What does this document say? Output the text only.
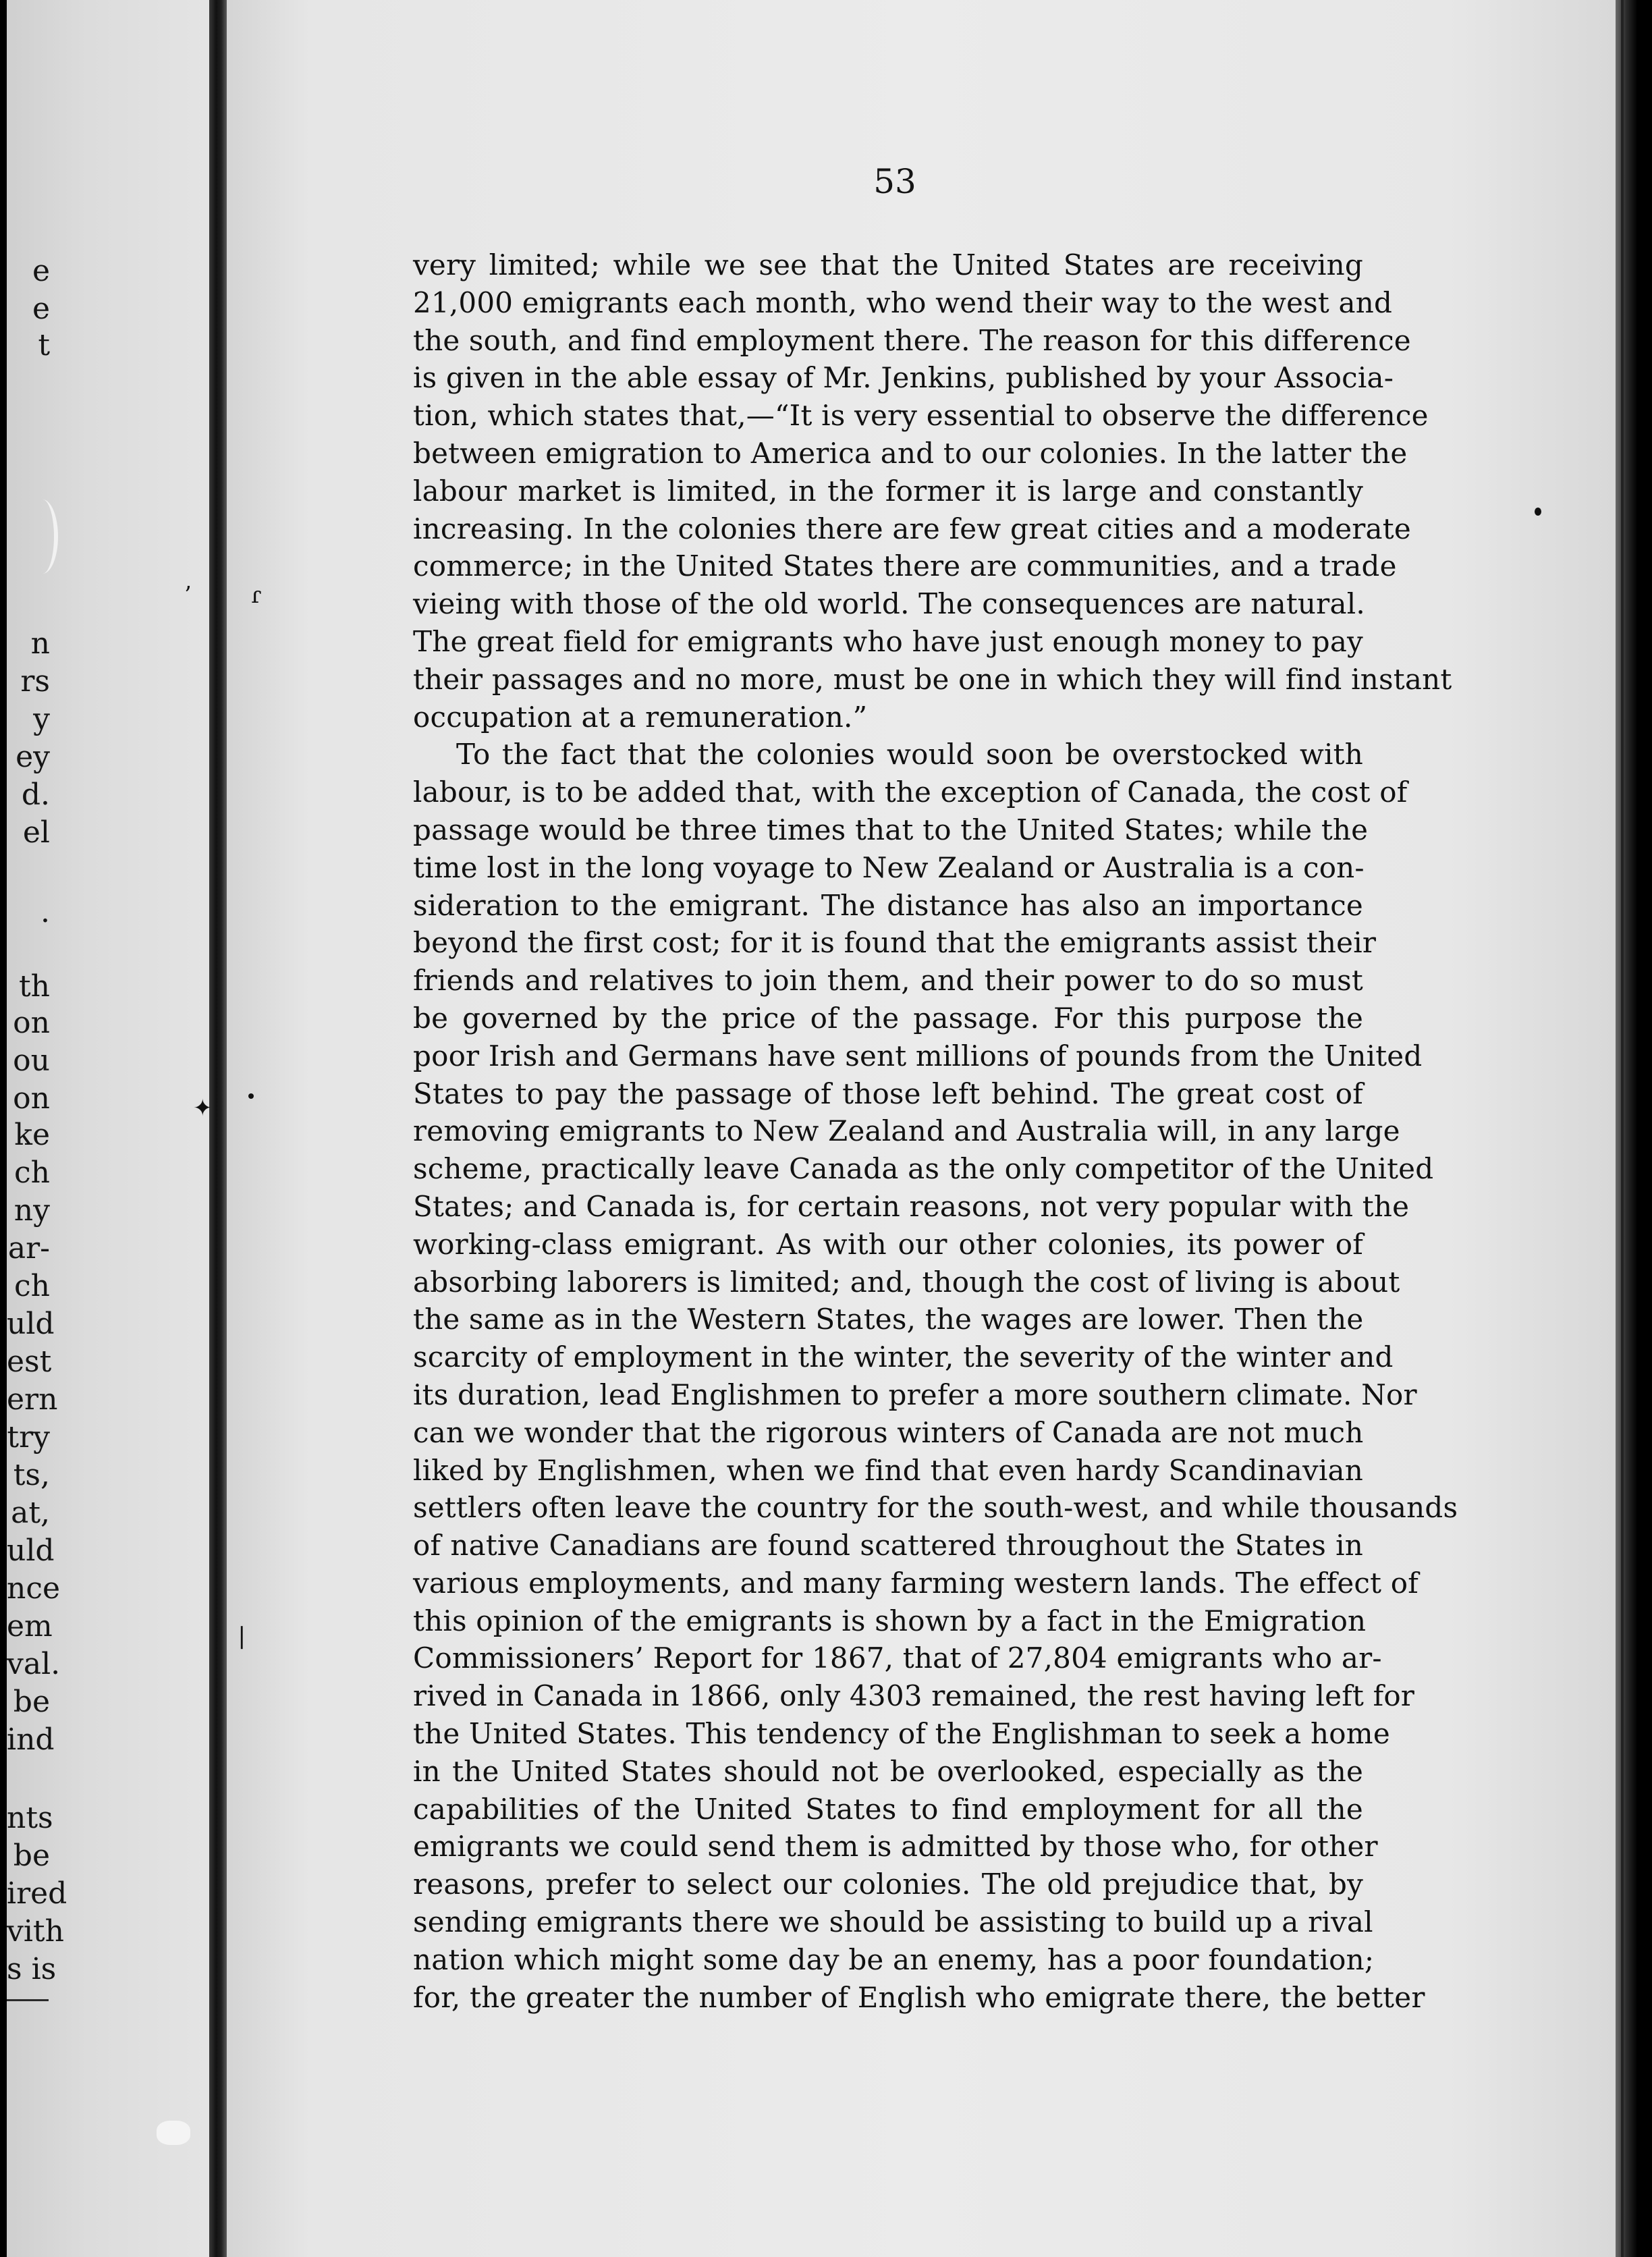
e
e
t
n
rs
y
ey
d.
el
.
th
on
ou
on
ke
ch
ny
ar-
ch
uld
est
ern
try
ts,
at,
uld
nce
em
val.
be
ind
nts
be
ired
vith
s is
53
very limited; while we see that the United States are receiving
21,000 emigrants each month, who wend their way to the west and
the south, and find employment there. The reason for this difference
is given in the able essay of Mr. Jenkins, published by your Associa-
tion, which states that,—“It is very essential to observe the difference
between emigration to America and to our colonies. In the latter the
labour market is limited, in the former it is large and constantly
increasing. In the colonies there are few great cities and a moderate
commerce; in the United States there are communities, and a trade
vieing with those of the old world. The consequences are natural.
The great field for emigrants who have just enough money to pay
their passages and no more, must be one in which they will find instant
occupation at a remuneration.”
To the fact that the colonies would soon be overstocked with
labour, is to be added that, with the exception of Canada, the cost of
passage would be three times that to the United States; while the
time lost in the long voyage to New Zealand or Australia is a con-
sideration to the emigrant. The distance has also an importance
beyond the first cost; for it is found that the emigrants assist their
friends and relatives to join them, and their power to do so must
be governed by the price of the passage. For this purpose the
poor Irish and Germans have sent millions of pounds from the United
States to pay the passage of those left behind. The great cost of
removing emigrants to New Zealand and Australia will, in any large
scheme, practically leave Canada as the only competitor of the United
States; and Canada is, for certain reasons, not very popular with the
working-class emigrant. As with our other colonies, its power of
absorbing laborers is limited; and, though the cost of living is about
the same as in the Western States, the wages are lower. Then the
scarcity of employment in the winter, the severity of the winter and
its duration, lead Englishmen to prefer a more southern climate. Nor
can we wonder that the rigorous winters of Canada are not much
liked by Englishmen, when we find that even hardy Scandinavian
settlers often leave the country for the south-west, and while thousands
of native Canadians are found scattered throughout the States in
various employments, and many farming western lands. The effect of
this opinion of the emigrants is shown by a fact in the Emigration
Commissioners’ Report for 1867, that of 27,804 emigrants who ar-
rived in Canada in 1866, only 4303 remained, the rest having left for
the United States. This tendency of the Englishman to seek a home
in the United States should not be overlooked, especially as the
capabilities of the United States to find employment for all the
emigrants we could send them is admitted by those who, for other
reasons, prefer to select our colonies. The old prejudice that, by
sending emigrants there we should be assisting to build up a rival
nation which might some day be an enemy, has a poor foundation;
for, the greater the number of English who emigrate there, the better
ʼ	ɾ
✦
❘
